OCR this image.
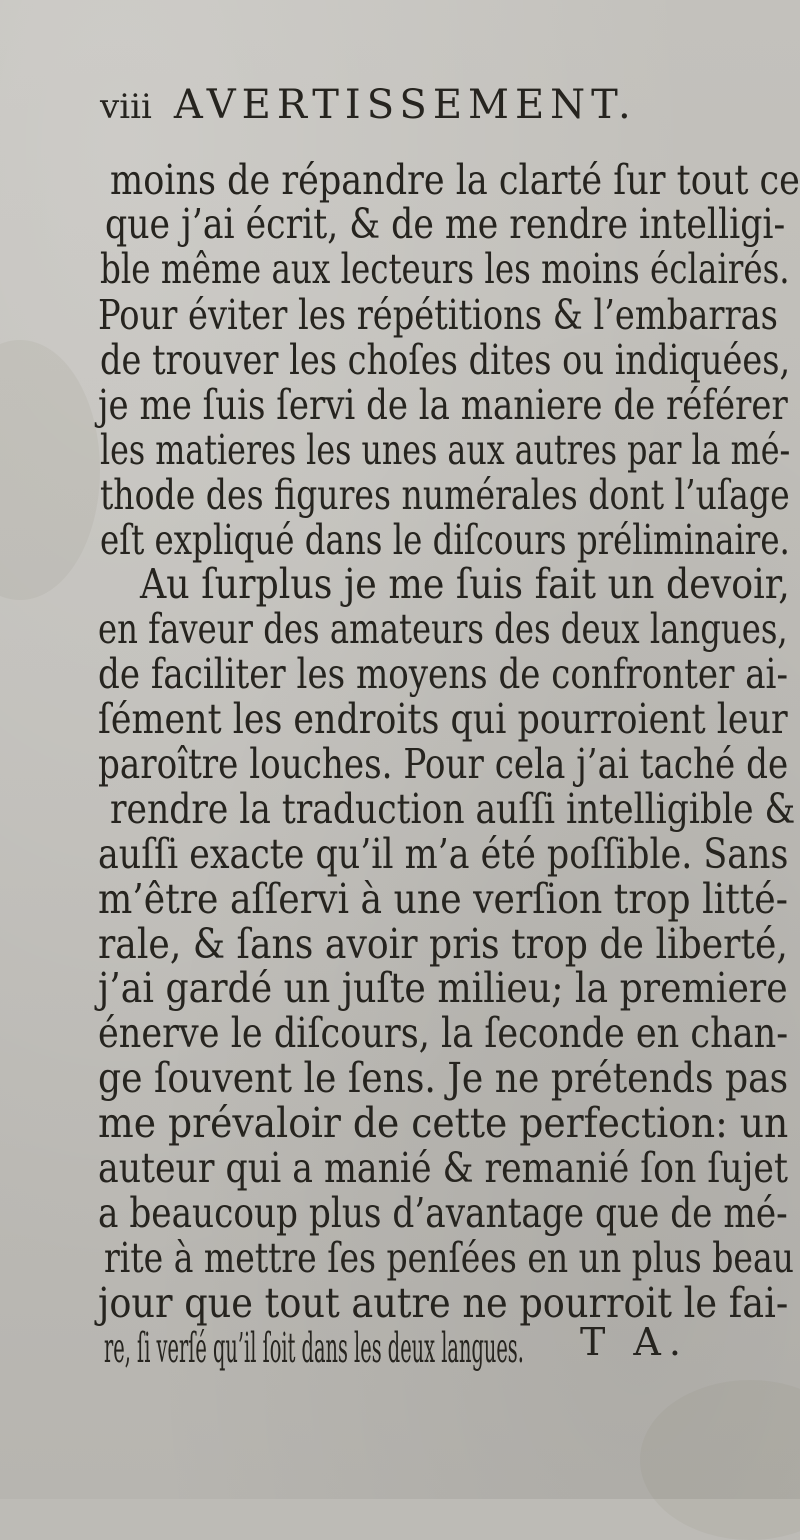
viii AVERTISSEMENT.
moins de répandre la clarté ſur tout ce
que j’ai écrit, & de me rendre intelligi-
ble même aux lecteurs les moins éclairés.
Pour éviter les répétitions & l’embarras
de trouver les choſes dites ou indiquées,
je me ſuis ſervi de la maniere de référer
les matieres les unes aux autres par la mé-
thode des figures numérales dont l’uſage
eſt expliqué dans le diſcours préliminaire.
Au ſurplus je me ſuis fait un devoir,
en faveur des amateurs des deux langues,
de faciliter les moyens de confronter ai-
ſément les endroits qui pourroient leur
paroître louches. Pour cela j’ai taché de
rendre la traduction auſſi intelligible &
auſſi exacte qu’il m’a été poſſible. Sans
m’être aſſervi à une verſion trop litté-
rale, & ſans avoir pris trop de liberté,
j’ai gardé un juſte milieu; la premiere
énerve le diſcours, la ſeconde en chan-
ge ſouvent le ſens. Je ne prétends pas
me prévaloir de cette perfection: un
auteur qui a manié & remanié ſon ſujet
a beaucoup plus d’avantage que de mé-
rite à mettre ſes penſées en un plus beau
jour que tout autre ne pourroit le fai-
re, ſi verſé qu’il ſoit dans les deux langues. T A.
